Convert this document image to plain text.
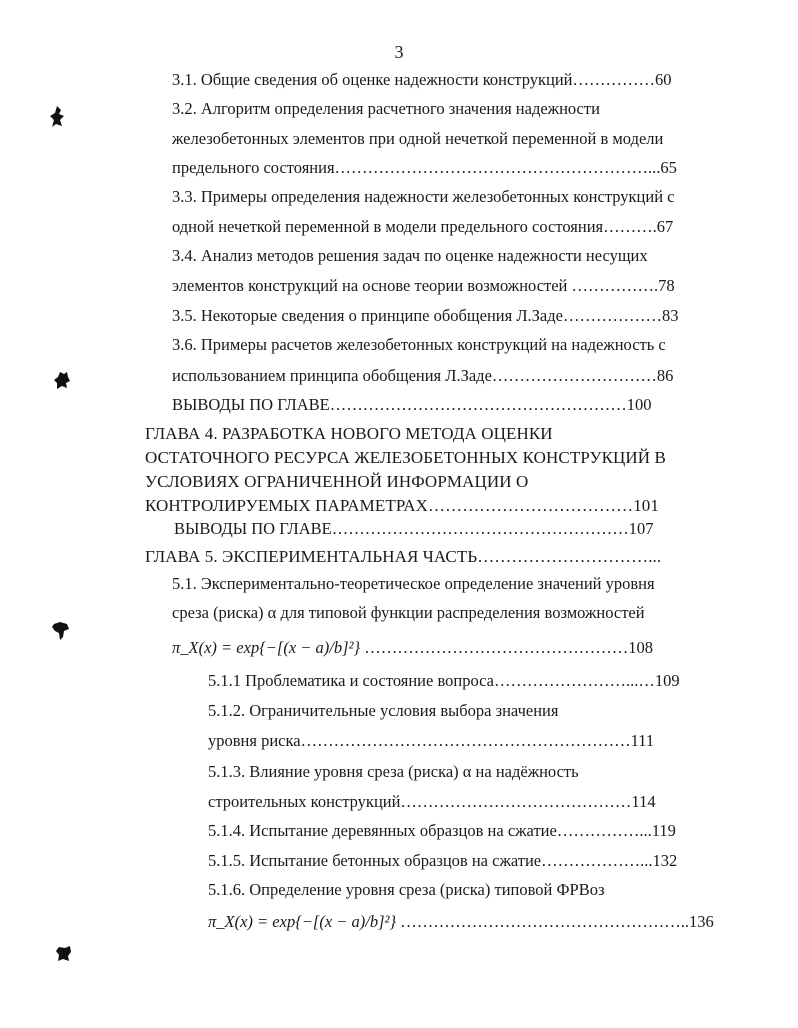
3
3.1. Общие сведения об оценке надежности конструкций……………60
3.2. Алгоритм определения расчетного значения надежности
железобетонных элементов при одной нечеткой переменной в модели
предельного состояния…………………………………………………...65
3.3. Примеры определения надежности железобетонных конструкций с
одной нечеткой переменной в модели предельного состояния……….67
3.4. Анализ методов решения задач по оценке надежности несущих
элементов конструкций на основе теории возможностей …………….78
3.5. Некоторые сведения о принципе обобщения Л.Заде………………83
3.6. Примеры расчетов железобетонных конструкций на надежность с
использованием принципа обобщения Л.Заде…………………………86
ВЫВОДЫ ПО ГЛАВЕ………………………………………………100
ГЛАВА 4. РАЗРАБОТКА НОВОГО МЕТОДА ОЦЕНКИ
ОСТАТОЧНОГО РЕСУРСА ЖЕЛЕЗОБЕТОННЫХ КОНСТРУКЦИЙ В
УСЛОВИЯХ ОГРАНИЧЕННОЙ ИНФОРМАЦИИ О
КОНТРОЛИРУЕМЫХ ПАРАМЕТРАХ………………………………101
ВЫВОДЫ ПО ГЛАВЕ………………………………………………107
ГЛАВА 5. ЭКСПЕРИМЕНТАЛЬНАЯ ЧАСТЬ…………………………...
5.1. Экспериментально-теоретическое определение значений уровня
среза (риска) α для типовой функции распределения возможностей
π_X(x) = exp{−[(x − a)/b]²} …………………………………………108
5.1.1 Проблематика и состояние вопроса……………………...…109
5.1.2. Ограничительные условия выбора значения
уровня риска……………………………………………………111
5.1.3. Влияние уровня среза (риска) α на надёжность
строительных конструкций……………………………………114
5.1.4. Испытание деревянных образцов на сжатие……………...119
5.1.5. Испытание бетонных образцов на сжатие………………...132
5.1.6. Определение уровня среза (риска) типовой ФРВоз
π_X(x) = exp{−[(x − a)/b]²} ……………………………………………..136
